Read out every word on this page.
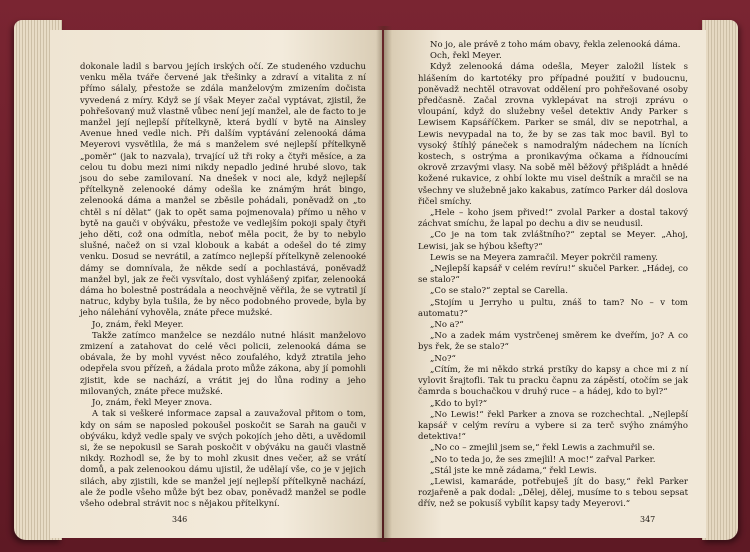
dokonale ladil s barvou jejích irských očí. Ze studeného vzduchu venku měla tváře červené jak třešinky a zdraví a vitalita z ní přímo sálaly, přestože se zdála manželovým zmizením dočista vyvedená z míry. Když se jí však Meyer začal vyptávat, zjistil, že pohřešovaný muž vlastně vůbec není její manžel, ale de facto to je manžel její nejlepší přítelkyně, která bydlí v bytě na Ainsley Avenue hned vedle nich. Při dalším vyptávání zelenooká dáma Meyerovi vysvětlila, že má s manželem své nejlepší přítelkyně „poměr“ (jak to nazvala), trvající už tři roky a čtyři měsíce, a za celou tu dobu mezi nimi nikdy nepadlo jediné hrubé slovo, tak jsou do sebe zamilovaní. Na dnešek v noci ale, když nejlepší přítelkyně zelenooké dámy odešla ke známým hrát bingo, zelenooká dáma a manžel se zběsile pohádali, poněvadž on „to chtěl s ní dělat“ (jak to opět sama pojmenovala) přímo u něho v bytě na gauči v obýváku, přestože ve vedlejším pokoji spaly čtyři jeho děti, což ona odmítla, neboť měla pocit, že by to nebylo slušné, načež on si vzal klobouk a kabát a odešel do té zimy venku. Dosud se nevrátil, a zatímco nejlepší přítelkyně zelenooké dámy se domnívala, že někde sedí a pochlastává, poněvadž manžel byl, jak ze řeči vysvítalo, dost vyhlášený zpiťar, zelenooká dáma ho bolestně postrádala a neochvějně věřila, že se vytratil jí natruc, kdyby byla tušila, že by něco podobného provede, byla by jeho nálehání vyhověla, znáte přece mužské.

Jo, znám, řekl Meyer.

Takže zatímco manželce se nezdálo nutné hlásit manželovo zmizení a zatahovat do celé věci policii, zelenooká dáma se obávala, že by mohl vyvést něco zoufalého, když ztratila jeho odepřela svou přízeň, a žádala proto může zákona, aby jí pomohli zjistit, kde se nachází, a vrátit jej do lůna rodiny a jeho milovaných, znáte přece mužské.

Jo, znám, řekl Meyer znova.

A tak si veškeré informace zapsal a zauvažoval přitom o tom, kdy on sám se naposled pokoušel poskočit se Sarah na gauči v obýváku, když vedle spaly ve svých pokojích jeho děti, a uvědomil si, že se nepokusil se Sarah poskočit v obýváku na gauči vlastně nikdy. Rozhodl se, že by to mohl zkusit dnes večer, až se vrátí domů, a pak zelenookou dámu ujistil, že udělají vše, co je v jejich silách, aby zjistili, kde se manžel její nejlepší přítelkyně nachází, ale že podle všeho může být bez obav, poněvadž manžel se podle všeho odebral strávit noc s nějakou přítelkyní.

346

No jo, ale právě z toho mám obavy, řekla zelenooká dáma.

Och, řekl Meyer.

Když zelenooká dáma odešla, Meyer založil lístek s hlášením do kartotéky pro případné použití v budoucnu, poněvadž nechtěl otravovat oddělení pro pohřešované osoby předčasně. Začal zrovna vyklepávat na stroji zprávu o vloupání, když do služebny vešel detektiv Andy Parker s Lewisem Kapsáříčkem. Parker se smál, div se nepotrhal, a Lewis nevypadal na to, že by se zas tak moc bavil. Byl to vysoký štíhlý páneček s namodralým nádechem na lícních kostech, s ostrýma a pronikavýma očkama a řídnoucími okrově zrzavými vlasy. Na sobě měl běžový přišpládt a hnědé kožené rukavice, z ohbí lokte mu visel deštník a mračil se na všechny ve služebně jako kakabus, zatímco Parker dál doslova řičel smíchy.

„Hele – koho jsem přived!“ zvolal Parker a dostal takový záchvat smíchu, že lapal po dechu a div se neudusil.

„Co je na tom tak zvláštního?“ zeptal se Meyer. „Ahoj, Lewisi, jak se hýbou kšefty?“

Lewis se na Meyera zamračil. Meyer pokrčil rameny.

„Nejlepší kapsář v celém revíru!“ skučel Parker. „Hádej, co se stalo?“

„Co se stalo?“ zeptal se Carella.

„Stojím u Jerryho u pultu, znáš to tam? No – v tom automatu?“

„No a?“

„No a zadek mám vystrčenej směrem ke dveřím, jo? A co bys řek, že se stalo?“

„No?“

„Cítím, že mi někdo strká prstíky do kapsy a chce mi z ní vylovit šrajtofli. Tak tu pracku čapnu za zápěstí, otočím se jak čamrda s bouchačkou v druhý ruce – a hádej, kdo to byl?“

„Kdo to byl?“

„No Lewis!“ řekl Parker a znova se rozchechtal. „Nejlepší kapsář v celým revíru a vybere si za terč svýho známýho detektiva!“

„No co – zmejlil jsem se,“ řekl Lewis a zachmuřil se.

„No to teda jo, že ses zmejlil! A moc!“ zařval Parker.

„Stál jste ke mně zádama,“ řekl Lewis.

„Lewisi, kamaráde, potřebuješ jít do basy,“ řekl Parker rozjařeně a pak dodal: „Dělej, dělej, musíme to s tebou sepsat dřív, než se pokusíš vybílit kapsy tady Meyerovi.“

347
